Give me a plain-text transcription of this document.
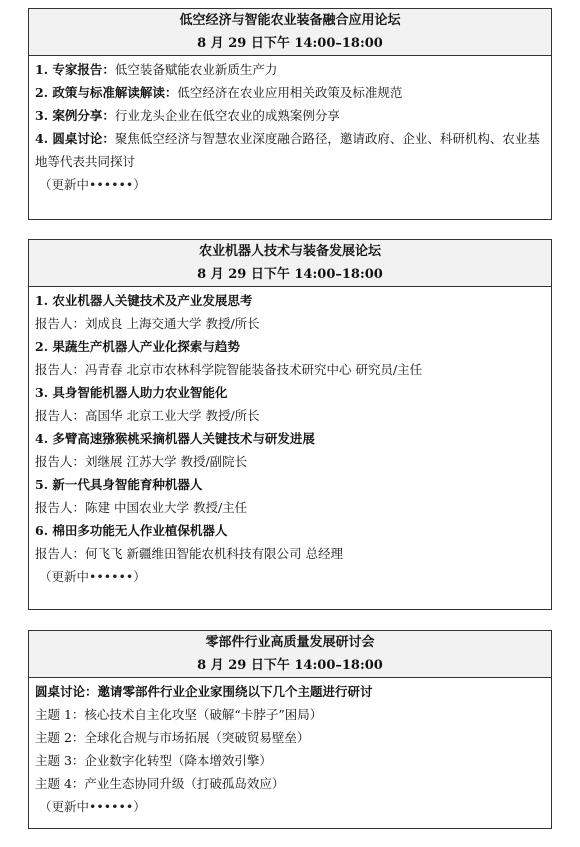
低空经济与智能农业装备融合应用论坛
8 月 29 日下午 14:00–18:00
1. 专家报告：低空装备赋能农业新质生产力
2. 政策与标准解读解读：低空经济在农业应用相关政策及标准规范
3. 案例分享：行业龙头企业在低空农业的成熟案例分享
4. 圆桌讨论：聚焦低空经济与智慧农业深度融合路径，邀请政府、企业、科研机构、农业基地等代表共同探讨
（更新中••••••）
农业机器人技术与装备发展论坛
8 月 29 日下午 14:00–18:00
1. 农业机器人关键技术及产业发展思考
报告人：刘成良 上海交通大学 教授/所长
2. 果蔬生产机器人产业化探索与趋势
报告人：冯青春 北京市农林科学院智能装备技术研究中心 研究员/主任
3. 具身智能机器人助力农业智能化
报告人：高国华 北京工业大学 教授/所长
4. 多臂高速猕猴桃采摘机器人关键技术与研发进展
报告人：刘继展 江苏大学 教授/副院长
5. 新一代具身智能育种机器人
报告人：陈建 中国农业大学 教授/主任
6. 棉田多功能无人作业植保机器人
报告人：何飞飞 新疆维田智能农机科技有限公司 总经理
（更新中••••••）
零部件行业高质量发展研讨会
8 月 29 日下午 14:00–18:00
圆桌讨论：邀请零部件行业企业家围绕以下几个主题进行研讨
主题 1：核心技术自主化攻坚（破解“卡脖子”困局）
主题 2：全球化合规与市场拓展（突破贸易壁垒）
主题 3：企业数字化转型（降本增效引擎）
主题 4：产业生态协同升级（打破孤岛效应）
（更新中••••••）
